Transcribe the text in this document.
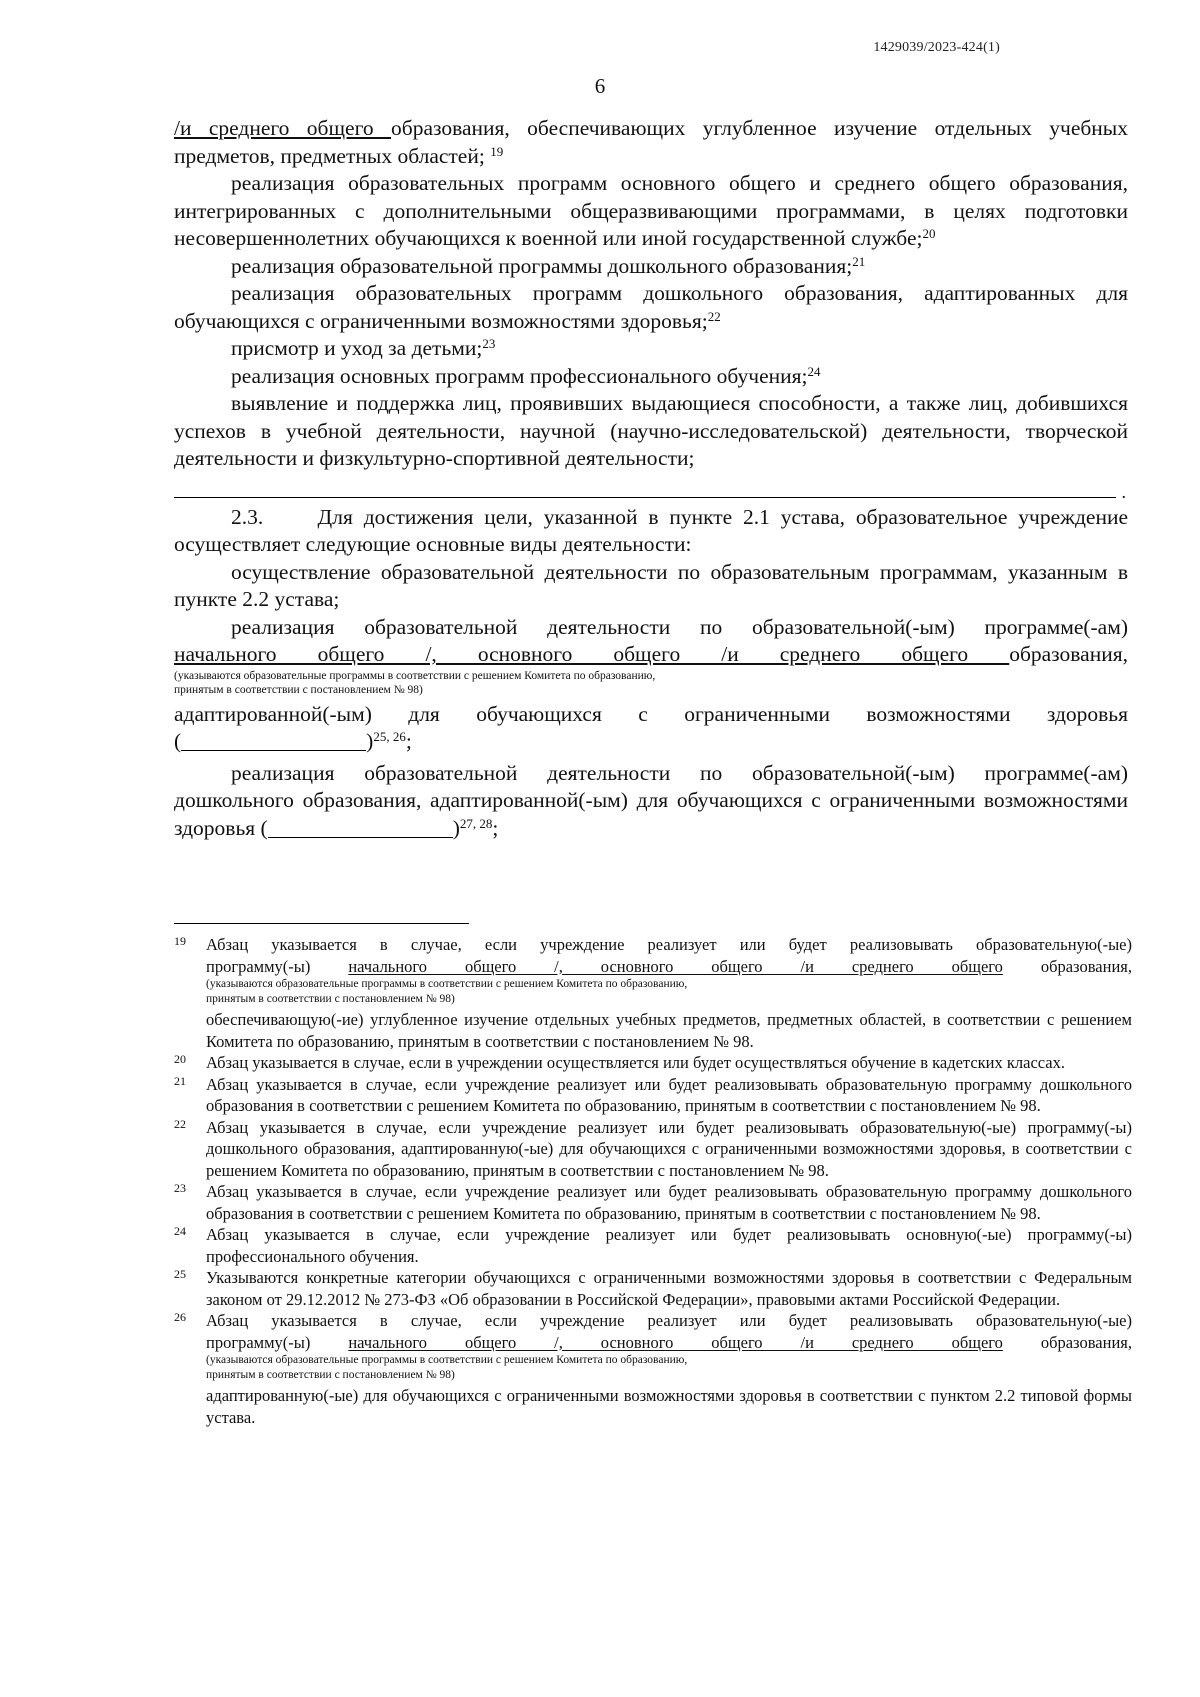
1429039/2023-424(1)
6

/и среднего общего образования, обеспечивающих углубленное изучение отдельных учебных предметов, предметных областей; $^{19}$

реализация образовательных программ основного общего и среднего общего образования, интегрированных с дополнительными общеразвивающими программами, в целях подготовки несовершеннолетних обучающихся к военной или иной государственной службе;$^{20}$

реализация образовательной программы дошкольного образования;$^{21}$

реализация образовательных программ дошкольного образования, адаптированных для обучающихся с ограниченными возможностями здоровья;$^{22}$

присмотр и уход за детьми;$^{23}$

реализация основных программ профессионального обучения;$^{24}$

выявление и поддержка лиц, проявивших выдающиеся способности, а также лиц, добившихся успехов в учебной деятельности, научной (научно-исследовательской) деятельности, творческой деятельности и физкультурно-спортивной деятельности;

.

2.3.	Для достижения цели, указанной в пункте 2.1 устава, образовательное учреждение осуществляет следующие основные виды деятельности:

осуществление образовательной деятельности по образовательным программам, указанным в пункте 2.2 устава;

реализация образовательной деятельности по образовательной(-ым) программе(-ам)

начального общего /, основного общего /и среднего общего образования,

(указываются образовательные программы в соответствии с решением Комитета по образованию,

принятым в соответствии с постановлением № 98)

адаптированной(-ым) для обучающихся с ограниченными возможностями здоровья

(	)$^{25, 26}$;

реализация образовательной деятельности по образовательной(-ым) программе(-ам) дошкольного образования, адаптированной(-ым) для обучающихся с ограниченными возможностями здоровья (	)$^{27, 28}$;

19 Абзац указывается в случае, если учреждение реализует или будет реализовывать образовательную(-ые)

программу(-ы) начального общего /, основного общего /и среднего общего образования,

(указываются образовательные программы в соответствии с решением Комитета по образованию,

принятым в соответствии с постановлением № 98)

обеспечивающую(-ие) углубленное изучение отдельных учебных предметов, предметных областей, в соответствии с решением Комитета по образованию, принятым в соответствии с постановлением № 98.

20 Абзац указывается в случае, если в учреждении осуществляется или будет осуществляться обучение в кадетских классах.

21 Абзац указывается в случае, если учреждение реализует или будет реализовывать образовательную программу дошкольного образования в соответствии с решением Комитета по образованию, принятым в соответствии с постановлением № 98.

22 Абзац указывается в случае, если учреждение реализует или будет реализовывать образовательную(-ые) программу(-ы) дошкольного образования, адаптированную(-ые) для обучающихся с ограниченными возможностями здоровья, в соответствии с решением Комитета по образованию, принятым в соответствии с постановлением № 98.

23 Абзац указывается в случае, если учреждение реализует или будет реализовывать образовательную программу дошкольного образования в соответствии с решением Комитета по образованию, принятым в соответствии с постановлением № 98.

24 Абзац указывается в случае, если учреждение реализует или будет реализовывать основную(-ые) программу(-ы) профессионального обучения.

25 Указываются конкретные категории обучающихся с ограниченными возможностями здоровья в соответствии с Федеральным законом от 29.12.2012 № 273-ФЗ «Об образовании в Российской Федерации», правовыми актами Российской Федерации.

26 Абзац указывается в случае, если учреждение реализует или будет реализовывать образовательную(-ые)

программу(-ы) начального общего /, основного общего /и среднего общего образования,

(указываются образовательные программы в соответствии с решением Комитета по образованию,

принятым в соответствии с постановлением № 98)

адаптированную(-ые) для обучающихся с ограниченными возможностями здоровья в соответствии с пунктом 2.2 типовой формы устава.
